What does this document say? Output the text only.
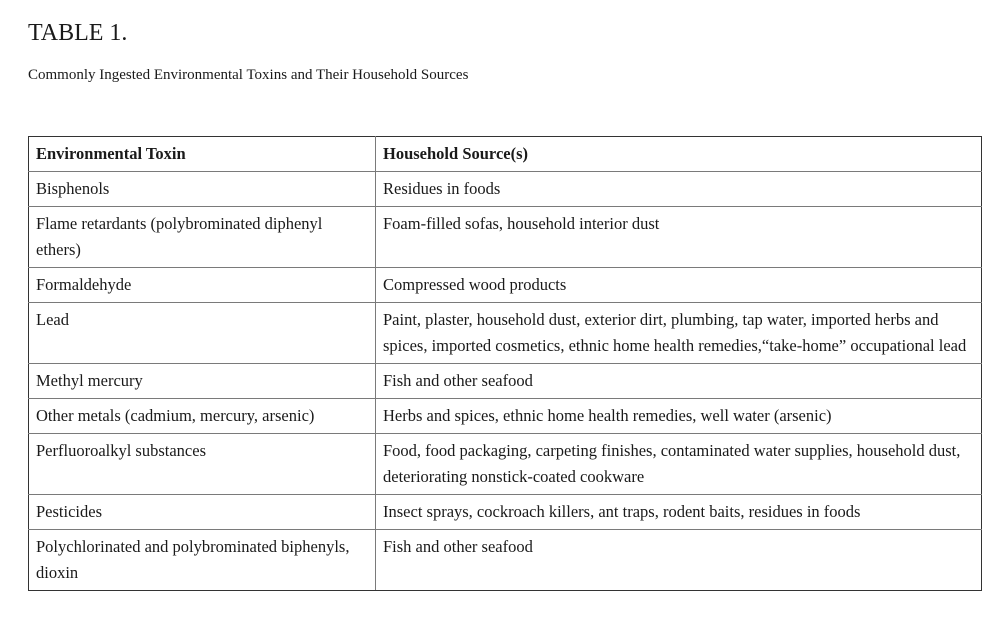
TABLE 1.

Commonly Ingested Environmental Toxins and Their Household Sources

Environmental Toxin	Household Source(s)
Bisphenols	Residues in foods
Flame retardants (polybrominated diphenyl ethers)	Foam-filled sofas, household interior dust
Formaldehyde	Compressed wood products
Lead	Paint, plaster, household dust, exterior dirt, plumbing, tap water, imported herbs and spices, imported cosmetics, ethnic home health remedies,“take-home” occupational lead
Methyl mercury	Fish and other seafood
Other metals (cadmium, mercury, arsenic)	Herbs and spices, ethnic home health remedies, well water (arsenic)
Perfluoroalkyl substances	Food, food packaging, carpeting finishes, contaminated water supplies, household dust, deteriorating nonstick-coated cookware
Pesticides	Insect sprays, cockroach killers, ant traps, rodent baits, residues in foods
Polychlorinated and polybrominated biphenyls, dioxin	Fish and other seafood
